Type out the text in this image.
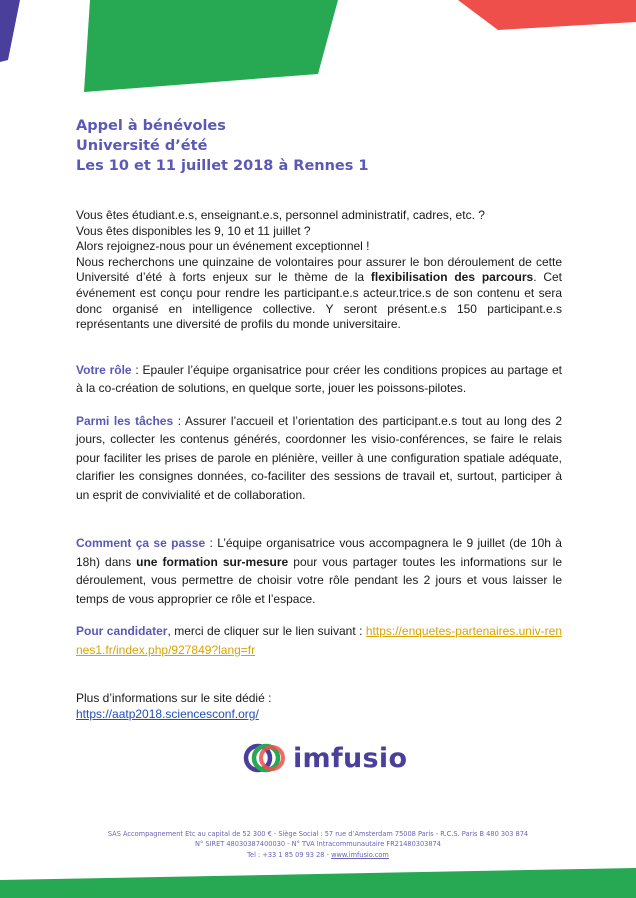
Appel à bénévoles
Université d’été
Les 10 et 11 juillet 2018 à Rennes 1

Vous êtes étudiant.e.s, enseignant.e.s, personnel administratif, cadres, etc. ?

Vous êtes disponibles les 9, 10 et 11 juillet ?

Alors rejoignez-nous pour un événement exceptionnel !

Nous recherchons une quinzaine de volontaires pour assurer le bon déroulement de cette Université d’été à forts enjeux sur le thème de la flexibilisation des parcours. Cet événement est conçu pour rendre les participant.e.s acteur.trice.s de son contenu et sera donc organisé en intelligence collective. Y seront présent.e.s 150 participant.e.s représentants une diversité de profils du monde universitaire.

Votre rôle : Epauler l’équipe organisatrice pour créer les conditions propices au partage et à la co-création de solutions, en quelque sorte, jouer les poissons-pilotes.

Parmi les tâches : Assurer l’accueil et l’orientation des participant.e.s tout au long des 2 jours, collecter les contenus générés, coordonner les visio-conférences, se faire le relais pour faciliter les prises de parole en plénière, veiller à une configuration spatiale adéquate, clarifier les consignes données, co-faciliter des sessions de travail et, surtout, participer à un esprit de convivialité et de collaboration.

Comment ça se passe : L’équipe organisatrice vous accompagnera le 9 juillet (de 10h à 18h) dans une formation sur-mesure pour vous partager toutes les informations sur le déroulement, vous permettre de choisir votre rôle pendant les 2 jours et vous laisser le temps de vous approprier ce rôle et l’espace.

Pour candidater, merci de cliquer sur le lien suivant : https://enquetes-partenaires.univ-rennes1.fr/index.php/927849?lang=fr

Plus d’informations sur le site dédié :

https://aatp2018.sciencesconf.org/

imfusio
SAS Accompagnement Etc au capital de 52 300 € - Siège Social : 57 rue d’Amsterdam 75008 Paris - R.C.S. Paris B 480 303 874
N° SIRET 48030387400030 - N° TVA Intracommunautaire FR21480303874
Tel : +33 1 85 09 93 28 - www.imfusio.com
